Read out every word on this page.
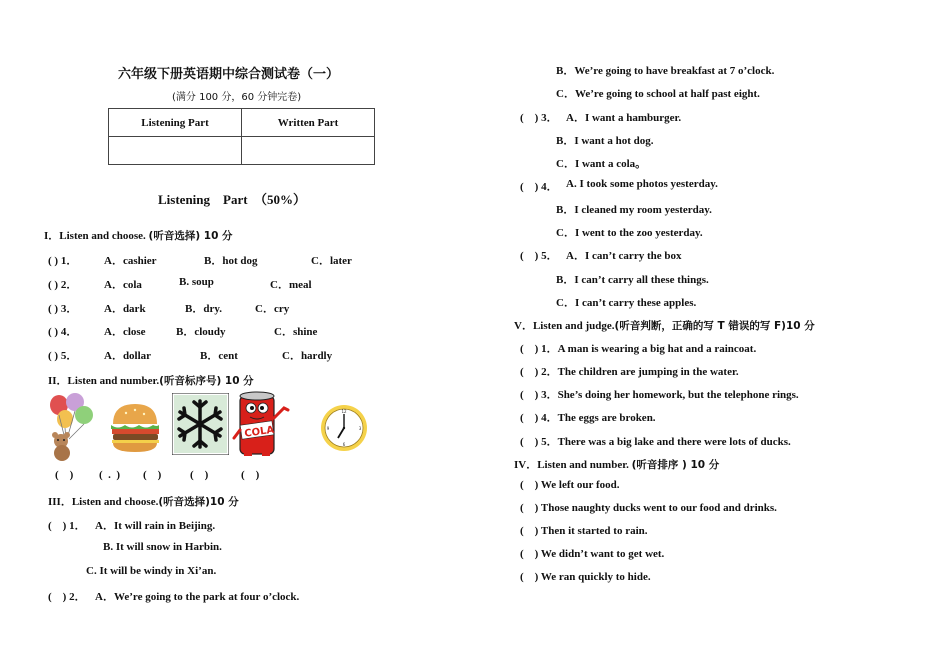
六年级下册英语期中综合测试卷（一）
(满分 100 分，60 分钟完卷)
Listening Part	Written Part

Listening    Part  （50%）
I．Listen and choose. (听音选择) 10 分
( ) 1． A．cashier	B．hot dog	C．later
( ) 2． A．cola	B. soup	C．meal
( ) 3． A．dark	B．dry.	C．cry
( ) 4． A．close	B．cloudy	C．shine
( ) 5． A．dollar	B．cent	C．hardly
II．Listen and number.(听音标序号) 10 分
COLA
12
3
6
9
(    ) (  .  ) (    )	(    )	(    )
III．Listen and choose.(听音选择)10 分
(    ) 1． A．It will rain in Beijing.
B. It will snow in Harbin.
C. It will be windy in Xi’an.
(    ) 2． A．We’re going to the park at four o’clock.
B．We’re going to have breakfast at 7 o’clock.
C．We’re going to school at half past eight.
(    ) 3． A．I want a hamburger.
B．I want a hot dog.
C．I want a cola。
(    ) 4． A. I took some photos yesterday.
B．I cleaned my room yesterday.
C．I went to the zoo yesterday.
(    ) 5． A．I can’t carry the box
B．I can’t carry all these things.
C．I can’t carry these apples.
V．Listen and judge.(听音判断，正确的写 T 错误的写 F)10 分
(    ) 1．A man is wearing a big hat and a raincoat.
(    ) 2．The children are jumping in the water.
(    ) 3．She’s doing her homework, but the telephone rings.
(    ) 4．The eggs are broken.
(    ) 5．There was a big lake and there were lots of ducks.
IV．Listen and number. (听音排序 ) 10 分
(    ) We left our food.
(    ) Those naughty ducks went to our food and drinks.
(    ) Then it started to rain.
(    ) We didn’t want to get wet.
(    ) We ran quickly to hide.
